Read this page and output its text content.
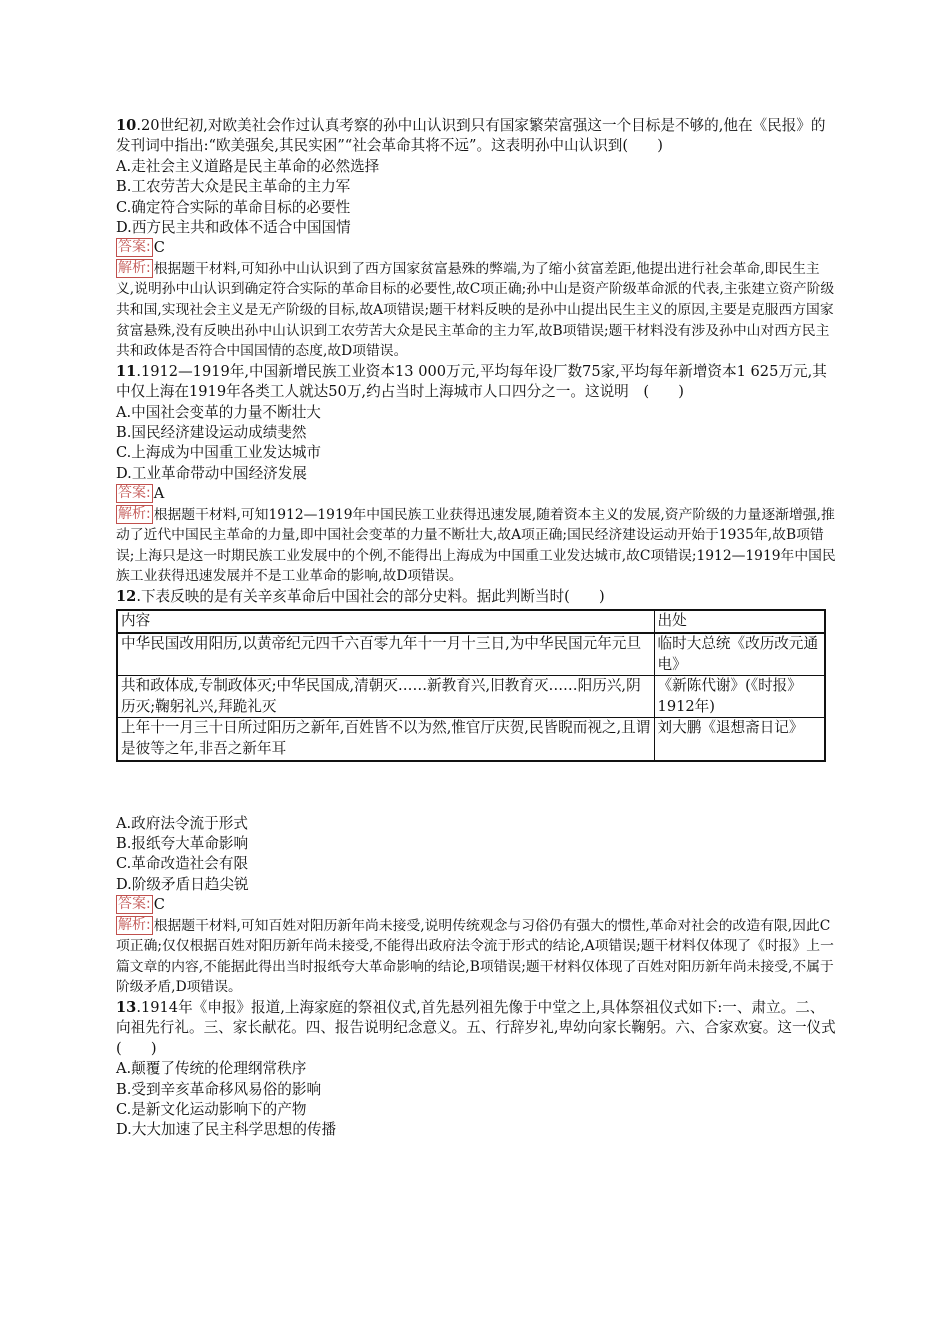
10.20世纪初,对欧美社会作过认真考察的孙中山认识到只有国家繁荣富强这一个目标是不够的,他在《民报》的发刊词中指出:“欧美强矣,其民实困”“社会革命其将不远”。这表明孙中山认识到(　　)

A.走社会主义道路是民主革命的必然选择

B.工农劳苦大众是民主革命的主力军

C.确定符合实际的革命目标的必要性

D.西方民主共和政体不适合中国国情

答案: C

解析: 根据题干材料,可知孙中山认识到了西方国家贫富悬殊的弊端,为了缩小贫富差距,他提出进行社会革命,即民生主义,说明孙中山认识到确定符合实际的革命目标的必要性,故C项正确;孙中山是资产阶级革命派的代表,主张建立资产阶级共和国,实现社会主义是无产阶级的目标,故A项错误;题干材料反映的是孙中山提出民生主义的原因,主要是克服西方国家贫富悬殊,没有反映出孙中山认识到工农劳苦大众是民主革命的主力军,故B项错误;题干材料没有涉及孙中山对西方民主共和政体是否符合中国国情的态度,故D项错误。

11.1912—1919年,中国新增民族工业资本13 000万元,平均每年设厂数75家,平均每年新增资本1 625万元,其中仅上海在1919年各类工人就达50万,约占当时上海城市人口四分之一。这说明　(　　)

A.中国社会变革的力量不断壮大

B.国民经济建设运动成绩斐然

C.上海成为中国重工业发达城市

D.工业革命带动中国经济发展

答案: A

解析: 根据题干材料,可知1912—1919年中国民族工业获得迅速发展,随着资本主义的发展,资产阶级的力量逐渐增强,推动了近代中国民主革命的力量,即中国社会变革的力量不断壮大,故A项正确;国民经济建设运动开始于1935年,故B项错误;上海只是这一时期民族工业发展中的个例,不能得出上海成为中国重工业发达城市,故C项错误;1912—1919年中国民族工业获得迅速发展并不是工业革命的影响,故D项错误。

12.下表反映的是有关辛亥革命后中国社会的部分史料。据此判断当时(　　)

内容	出处
中华民国改用阳历,以黄帝纪元四千六百零九年十一月十三日,为中华民国元年元旦	临时大总统《改历改元通电》
共和政体成,专制政体灭;中华民国成,清朝灭……新教育兴,旧教育灭……阳历兴,阴历灭;鞠躬礼兴,拜跪礼灭	《新陈代谢》(《时报》1912年)
上年十一月三十日所过阳历之新年,百姓皆不以为然,惟官厅庆贺,民皆睨而视之,且谓是彼等之年,非吾之新年耳	刘大鹏《退想斋日记》

A.政府法令流于形式

B.报纸夸大革命影响

C.革命改造社会有限

D.阶级矛盾日趋尖锐

答案: C

解析: 根据题干材料,可知百姓对阳历新年尚未接受,说明传统观念与习俗仍有强大的惯性,革命对社会的改造有限,因此C项正确;仅仅根据百姓对阳历新年尚未接受,不能得出政府法令流于形式的结论,A项错误;题干材料仅体现了《时报》上一篇文章的内容,不能据此得出当时报纸夸大革命影响的结论,B项错误;题干材料仅体现了百姓对阳历新年尚未接受,不属于阶级矛盾,D项错误。

13.1914年《申报》报道,上海家庭的祭祖仪式,首先悬列祖先像于中堂之上,具体祭祖仪式如下:一、肃立。二、向祖先行礼。三、家长献花。四、报告说明纪念意义。五、行辞岁礼,卑幼向家长鞠躬。六、合家欢宴。这一仪式(　　)

A.颠覆了传统的伦理纲常秩序

B.受到辛亥革命移风易俗的影响

C.是新文化运动影响下的产物

D.大大加速了民主科学思想的传播
